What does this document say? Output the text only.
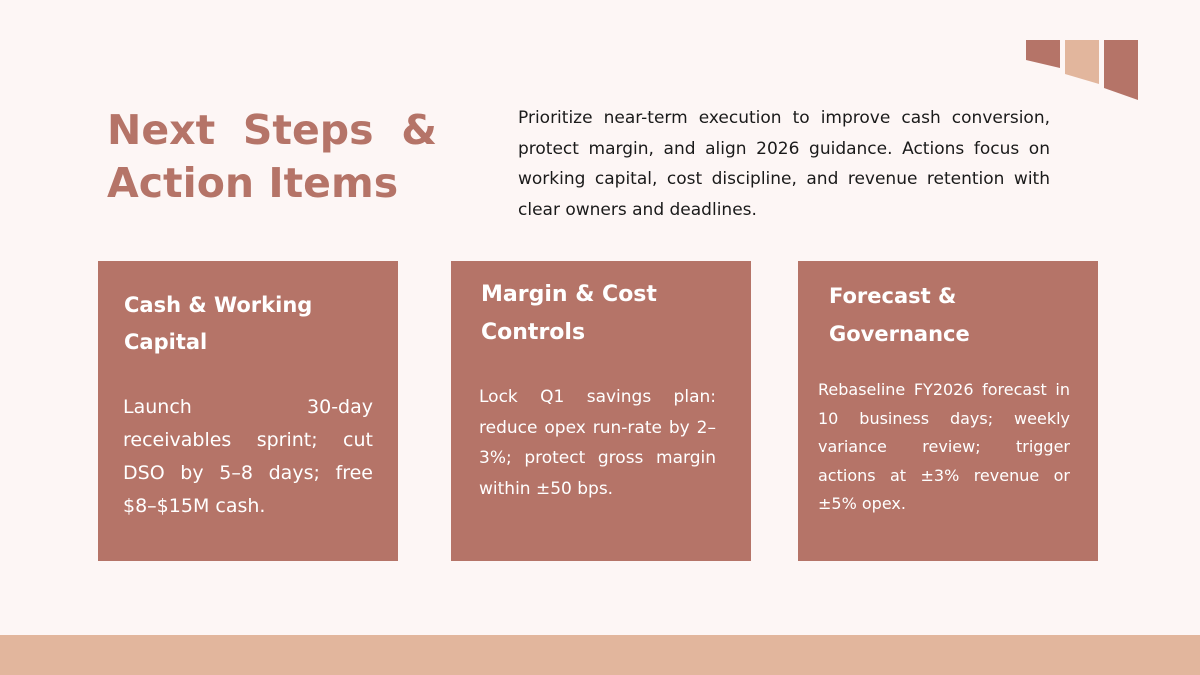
Next Steps & Action Items

Prioritize near-term execution to improve cash conversion, protect margin, and align 2026 guidance. Actions focus on working capital, cost discipline, and revenue retention with clear owners and deadlines.

Cash & Working Capital

Launch 30-day receivables sprint; cut DSO by 5–8 days; free $8–$15M cash.

Margin & Cost Controls

Lock Q1 savings plan: reduce opex run-rate by 2–3%; protect gross margin within ±50 bps.

Forecast & Governance

Rebaseline FY2026 forecast in 10 business days; weekly variance review; trigger actions at ±3% revenue or ±5% opex.
